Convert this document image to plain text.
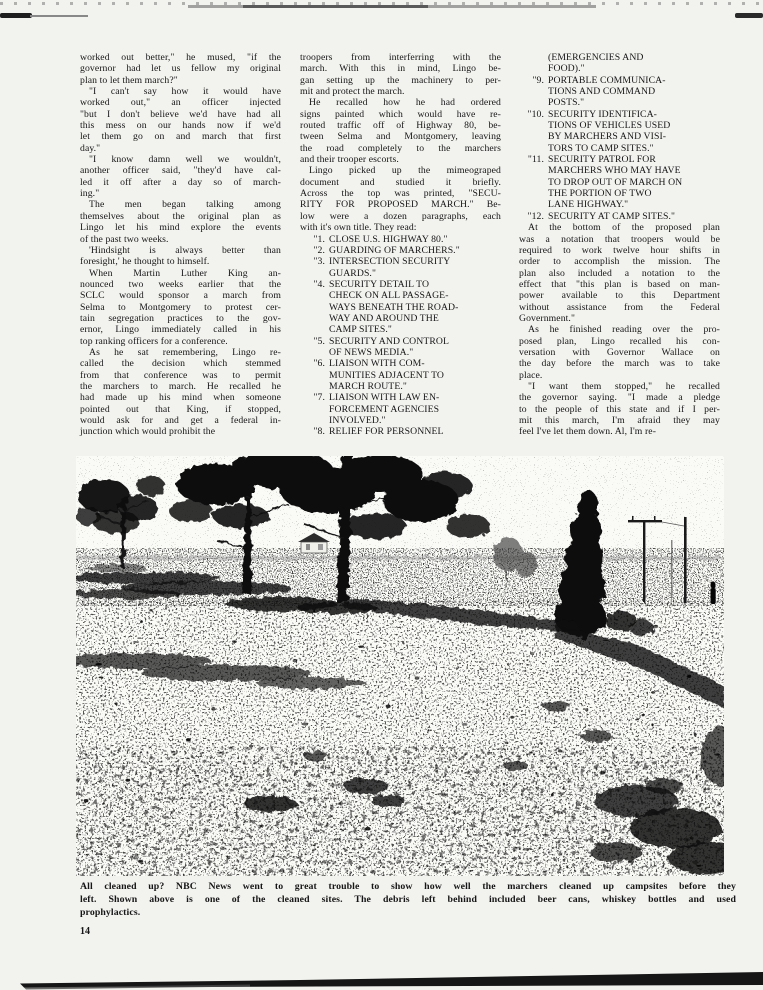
worked out better," he mused, "if the
governor had let us fellow my original
plan to let them march?"
"I can't say how it would have
worked out," an officer injected
"but I don't believe we'd have had all
this mess on our hands now if we'd
let them go on and march that first
day."
"I know damn well we wouldn't,
another officer said, "they'd have cal-
led it off after a day so of march-
ing."
The men began talking among
themselves about the original plan as
Lingo let his mind explore the events
of the past two weeks.
'Hindsight is always better than
foresight,' he thought to himself.
When Martin Luther King an-
nounced two weeks earlier that the
SCLC would sponsor a march from
Selma to Montgomery to protest cer-
tain segregation practices to the gov-
ernor, Lingo immediately called in his
top ranking officers for a conference.
As he sat remembering, Lingo re-
called the decision which stemmed
from that conference was to permit
the marchers to march. He recalled he
had made up his mind when someone
pointed out that King, if stopped,
would ask for and get a federal in-
junction which would prohibit the
troopers from interferring with the
march. With this in mind, Lingo be-
gan setting up the machinery to per-
mit and protect the march.
He recalled how he had ordered
signs painted which would have re-
routed traffic off of Highway 80, be-
tween Selma and Montgomery, leaving
the road completely to the marchers
and their trooper escorts.
Lingo picked up the mimeograped
document and studied it briefly.
Across the top was printed, "SECU-
RITY FOR PROPOSED MARCH." Be-
low were a dozen paragraphs, each
with it's own title. They read:
"1. CLOSE U.S. HIGHWAY 80."
"2. GUARDING OF MARCHERS."
"3. INTERSECTION SECURITY
GUARDS."
"4. SECURITY DETAIL TO
CHECK ON ALL PASSAGE-
WAYS BENEATH THE ROAD-
WAY AND AROUND THE
CAMP SITES."
"5. SECURITY AND CONTROL
OF NEWS MEDIA."
"6. LIAISON WITH COM-
MUNITIES ADJACENT TO
MARCH ROUTE."
"7. LIAISON WITH LAW EN-
FORCEMENT AGENCIES
INVOLVED."
"8. RELIEF FOR PERSONNEL
(EMERGENCIES AND
FOOD)."
"9. PORTABLE COMMUNICA-
TIONS AND COMMAND
POSTS."
"10. SECURITY IDENTIFICA-
TIONS OF VEHICLES USED
BY MARCHERS AND VISI-
TORS TO CAMP SITES."
"11. SECURITY PATROL FOR
MARCHERS WHO MAY HAVE
TO DROP OUT OF MARCH ON
THE PORTION OF TWO
LANE HIGHWAY."
"12. SECURITY AT CAMP SITES."
At the bottom of the proposed plan
was a notation that troopers would be
required to work twelve hour shifts in
order to accomplish the mission. The
plan also included a notation to the
effect that "this plan is based on man-
power available to this Department
without assistance from the Federal
Government."
As he finished reading over the pro-
posed plan, Lingo recalled his con-
versation with Governor Wallace on
the day before the march was to take
place.
"I want them stopped," he recalled
the governor saying. "I made a pledge
to the people of this state and if I per-
mit this march, I'm afraid they may
feel I've let them down. Al, I'm re-
All cleaned up? NBC News went to great trouble to show how well the marchers cleaned up campsites before they
left. Shown above is one of the cleaned sites. The debris left behind included beer cans, whiskey bottles and used
prophylactics.
14
